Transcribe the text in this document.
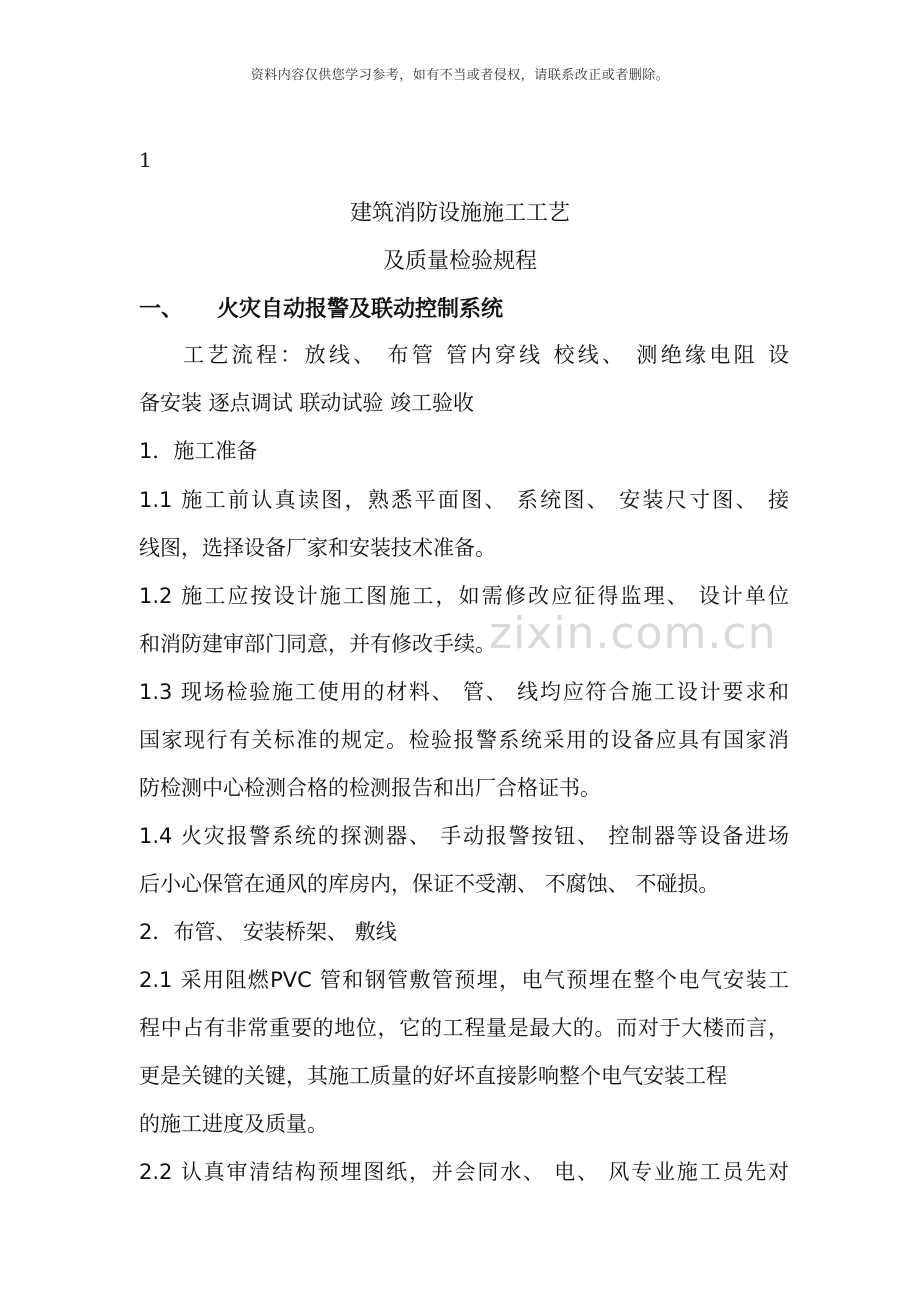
资料内容仅供您学习参考，如有不当或者侵权，请联系改正或者删除。
1
建筑消防设施施工工艺
及质量检验规程
一、 火灾自动报警及联动控制系统
工艺流程：放线、 布管 管内穿线 校线、 测绝缘电阻 设
备安装 逐点调试 联动试验 竣工验收
1．施工准备
1.1 施工前认真读图，熟悉平面图、 系统图、 安装尺寸图、 接
线图，选择设备厂家和安装技术准备。
1.2 施工应按设计施工图施工，如需修改应征得监理、 设计单位
和消防建审部门同意，并有修改手续。
1.3 现场检验施工使用的材料、 管、 线均应符合施工设计要求和
国家现行有关标准的规定。检验报警系统采用的设备应具有国家消
防检测中心检测合格的检测报告和出厂合格证书。
1.4 火灾报警系统的探测器、 手动报警按钮、 控制器等设备进场
后小心保管在通风的库房内，保证不受潮、 不腐蚀、 不碰损。
2．布管、 安装桥架、 敷线
2.1 采用阻燃PVC 管和钢管敷管预埋，电气预埋在整个电气安装工
程中占有非常重要的地位，它的工程量是最大的。而对于大楼而言，
更是关键的关键，其施工质量的好坏直接影响整个电气安装工程
的施工进度及质量。
2.2 认真审清结构预埋图纸，并会同水、 电、 风专业施工员先对
zixin.com.cn
